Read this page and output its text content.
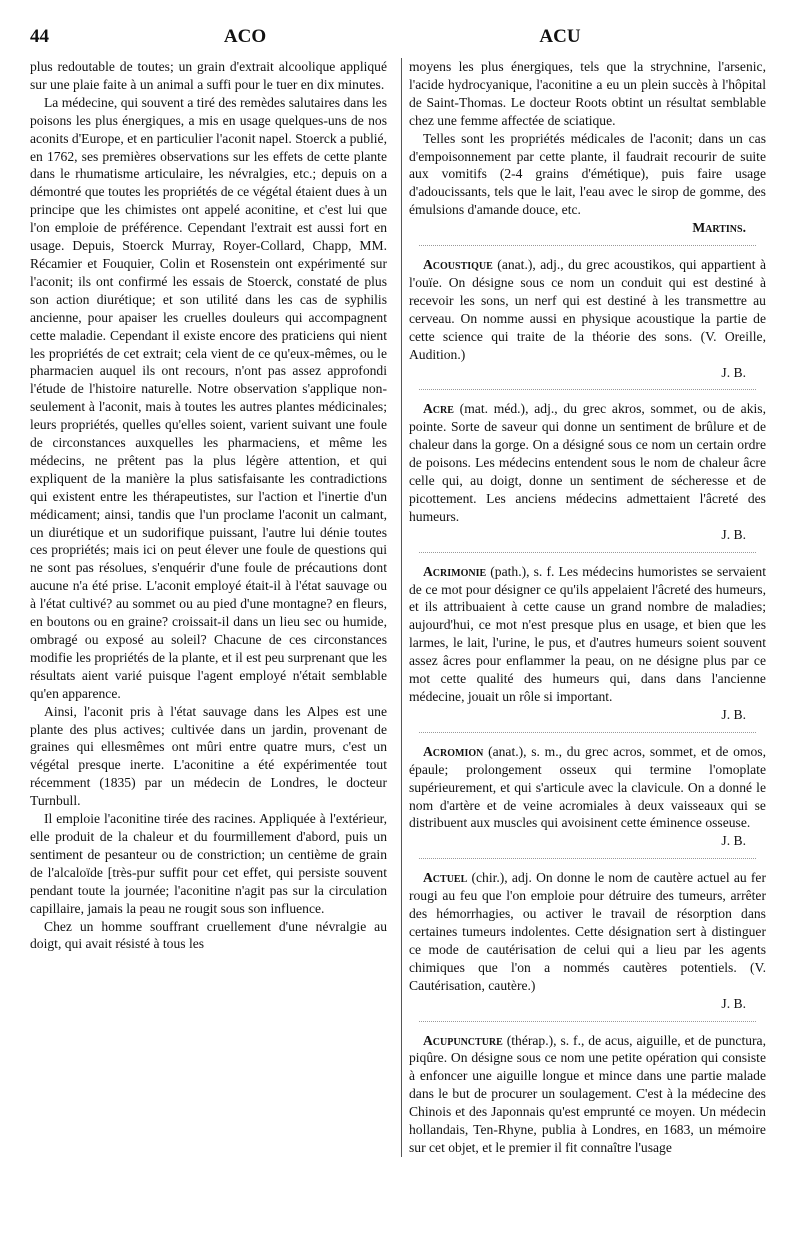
44	ACO	ACU

plus redoutable de toutes; un grain d'extrait alcoolique appliqué sur une plaie faite à un animal a suffi pour le tuer en dix minutes.

La médecine, qui souvent a tiré des remèdes salutaires dans les poisons les plus énergiques, a mis en usage quelques-uns de nos aconits d'Europe, et en particulier l'aconit napel. Stoerck a publié, en 1762, ses premières observations sur les effets de cette plante dans le rhumatisme articulaire, les névralgies, etc.; depuis on a démontré que toutes les propriétés de ce végétal étaient dues à un principe que les chimistes ont appelé aconitine, et c'est lui que l'on emploie de préférence. Cependant l'extrait est aussi fort en usage. Depuis, Stoerck Murray, Royer-Collard, Chapp, MM. Récamier et Fouquier, Colin et Rosenstein ont expérimenté sur l'aconit; ils ont confirmé les essais de Stoerck, constaté de plus son action diurétique; et son utilité dans les cas de syphilis ancienne, pour apaiser les cruelles douleurs qui accompagnent cette maladie. Cependant il existe encore des praticiens qui nient les propriétés de cet extrait; cela vient de ce qu'eux-mêmes, ou le pharmacien auquel ils ont recours, n'ont pas assez approfondi l'étude de l'histoire naturelle. Notre observation s'applique non-seulement à l'aconit, mais à toutes les autres plantes médicinales; leurs propriétés, quelles qu'elles soient, varient suivant une foule de circonstances auxquelles les pharmaciens, et même les médecins, ne prêtent pas la plus légère attention, et qui expliquent de la manière la plus satisfaisante les contradictions qui existent entre les thérapeutistes, sur l'action et l'inertie d'un médicament; ainsi, tandis que l'un proclame l'aconit un calmant, un diurétique et un sudorifique puissant, l'autre lui dénie toutes ces propriétés; mais ici on peut élever une foule de questions qui ne sont pas résolues, s'enquérir d'une foule de précautions dont aucune n'a été prise. L'aconit employé était-il à l'état sauvage ou à l'état cultivé? au sommet ou au pied d'une montagne? en fleurs, en boutons ou en graine? croissait-il dans un lieu sec ou humide, ombragé ou exposé au soleil? Chacune de ces circonstances modifie les propriétés de la plante, et il est peu surprenant que les résultats aient varié puisque l'agent employé n'était semblable qu'en apparence.

Ainsi, l'aconit pris à l'état sauvage dans les Alpes est une plante des plus actives; cultivée dans un jardin, provenant de graines qui ellesmêmes ont mûri entre quatre murs, c'est un végétal presque inerte. L'aconitine a été expérimentée tout récemment (1835) par un médecin de Londres, le docteur Turnbull.

Il emploie l'aconitine tirée des racines. Appliquée à l'extérieur, elle produit de la chaleur et du fourmillement d'abord, puis un sentiment de pesanteur ou de constriction; un centième de grain de l'alcaloïde [très-pur suffit pour cet effet, qui persiste souvent pendant toute la journée; l'aconitine n'agit pas sur la circulation capillaire, jamais la peau ne rougit sous son influence.

Chez un homme souffrant cruellement d'une névralgie au doigt, qui avait résisté à tous les

moyens les plus énergiques, tels que la strychnine, l'arsenic, l'acide hydrocyanique, l'aconitine a eu un plein succès à l'hôpital de Saint-Thomas. Le docteur Roots obtint un résultat semblable chez une femme affectée de sciatique.

Telles sont les propriétés médicales de l'aconit; dans un cas d'empoisonnement par cette plante, il faudrait recourir de suite aux vomitifs (2-4 grains d'émétique), puis faire usage d'adoucissants, tels que le lait, l'eau avec le sirop de gomme, des émulsions d'amande douce, etc.

Martins.
Acoustique (anat.), adj., du grec acoustikos, qui appartient à l'ouïe. On désigne sous ce nom un conduit qui est destiné à recevoir les sons, un nerf qui est destiné à les transmettre au cerveau. On nomme aussi en physique acoustique la partie de cette science qui traite de la théorie des sons. (V. Oreille, Audition.)
J. B.
Acre (mat. méd.), adj., du grec akros, sommet, ou de akis, pointe. Sorte de saveur qui donne un sentiment de brûlure et de chaleur dans la gorge. On a désigné sous ce nom un certain ordre de poisons. Les médecins entendent sous le nom de chaleur âcre celle qui, au doigt, donne un sentiment de sécheresse et de picottement. Les anciens médecins admettaient l'âcreté des humeurs.
J. B.
Acrimonie (path.), s. f. Les médecins humoristes se servaient de ce mot pour désigner ce qu'ils appelaient l'âcreté des humeurs, et ils attribuaient à cette cause un grand nombre de maladies; aujourd'hui, ce mot n'est presque plus en usage, et bien que les larmes, le lait, l'urine, le pus, et d'autres humeurs soient souvent assez âcres pour enflammer la peau, on ne désigne plus par ce mot cette qualité des humeurs qui, dans dans l'ancienne médecine, jouait un rôle si important.
J. B.
Acromion (anat.), s. m., du grec acros, sommet, et de omos, épaule; prolongement osseux qui termine l'omoplate supérieurement, et qui s'articule avec la clavicule. On a donné le nom d'artère et de veine acromiales à deux vaisseaux qui se distribuent aux muscles qui avoisinent cette éminence osseuse.
J. B.
Actuel (chir.), adj. On donne le nom de cautère actuel au fer rougi au feu que l'on emploie pour détruire des tumeurs, arrêter des hémorrhagies, ou activer le travail de résorption dans certaines tumeurs indolentes. Cette désignation sert à distinguer ce mode de cautérisation de celui qui a lieu par les agents chimiques que l'on a nommés cautères potentiels. (V. Cautérisation, cautère.)
J. B.
Acupuncture (thérap.), s. f., de acus, aiguille, et de punctura, piqûre. On désigne sous ce nom une petite opération qui consiste à enfoncer une aiguille longue et mince dans une partie malade dans le but de procurer un soulagement. C'est à la médecine des Chinois et des Japonnais qu'est emprunté ce moyen. Un médecin hollandais, Ten-Rhyne, publia à Londres, en 1683, un mémoire sur cet objet, et le premier il fit connaître l'usage
